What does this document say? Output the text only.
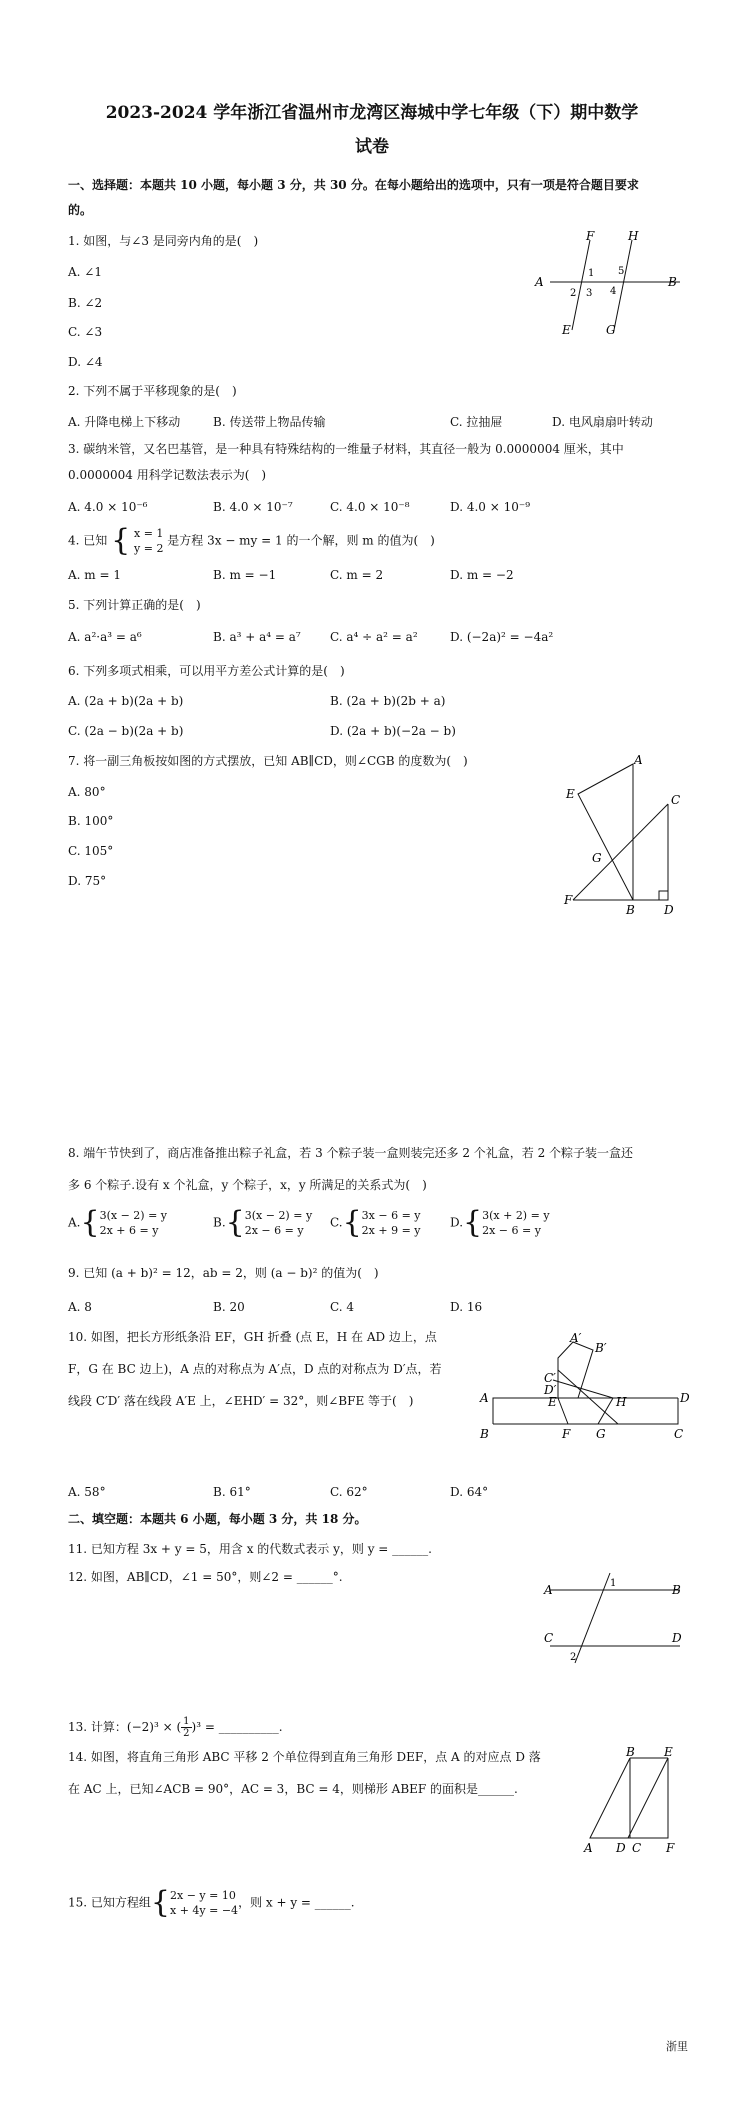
2023-2024 学年浙江省温州市龙湾区海城中学七年级（下）期中数学
试卷
一、选择题：本题共 10 小题，每小题 3 分，共 30 分。在每小题给出的选项中，只有一项是符合题目要求
的。
1. 如图，与∠3 是同旁内角的是(　)
A. ∠1
B. ∠2
C. ∠3
D. ∠4
A	B
F	H
E	G
1
2 3 4
5
2. 下列不属于平移现象的是(　)
A. 升降电梯上下移动	B. 传送带上物品传输	C. 拉抽屉	D. 电风扇扇叶转动
3. 碳纳米管，又名巴基管，是一种具有特殊结构的一维量子材料，其直径一般为 0.0000004 厘米，其中
0.0000004 用科学记数法表示为(　)
A. 4.0 × 10⁻⁶	B. 4.0 × 10⁻⁷	C. 4.0 × 10⁻⁸	D. 4.0 × 10⁻⁹
4. 已知 { x = 1
y = 2 是方程 3x − my = 1 的一个解，则 m 的值为(　)
A. m = 1	B. m = −1	C. m = 2	D. m = −2
5. 下列计算正确的是(　)
A. a²·a³ = a⁶	B. a³ + a⁴ = a⁷ C. a⁴ ÷ a² = a²	D. (−2a)² = −4a²
6. 下列多项式相乘，可以用平方差公式计算的是(　)
A. (2a + b)(2a + b)	B. (2a + b)(2b + a)
C. (2a − b)(2a + b)	D. (2a + b)(−2a − b)
7. 将一副三角板按如图的方式摆放，已知 AB∥CD，则∠CGB 的度数为(　)
A. 80°
B. 100°
C. 105°
D. 75°
A
E	C
G
F
B D
8. 端午节快到了，商店准备推出粽子礼盒，若 3 个粽子装一盒则装完还多 2 个礼盒，若 2 个粽子装一盒还
多 6 个粽子.设有 x 个礼盒，y 个粽子，x，y 所满足的关系式为(　)
A.{3(x − 2) = y
2x + 6 = y
B.{3(x − 2) = y
2x − 6 = y
C.{3x − 6 = y
2x + 9 = y
D.{3(x + 2) = y
2x − 6 = y
9. 已知 (a + b)² = 12，ab = 2，则 (a − b)² 的值为(　)
A. 8	B. 20	C. 4	D. 16
10. 如图，把长方形纸条沿 EF，GH 折叠 (点 E，H 在 AD 边上，点
F，G 在 BC 边上)，A 点的对称点为 A′点，D 点的对称点为 D′点，若
线段 C′D′ 落在线段 A′E 上，∠EHD′ = 32°，则∠BFE 等于(　)	A
B
D
C
E
F G
H
A′
B′
C′
D′
A. 58°	B. 61°	C. 62°	D. 64°
二、填空题：本题共 6 小题，每小题 3 分，共 18 分。
11. 已知方程 3x + y = 5，用含 x 的代数式表示 y，则 y = ______.
12. 如图，AB∥CD，∠1 = 50°，则∠2 = ______°.
A	B
C	D
1
2
13. 计算：$(-2)^3 \times (\frac{1}{2})^3$ = __________.
14. 如图，将直角三角形 ABC 平移 2 个单位得到直角三角形 DEF，点 A 的对应点 D 落
在 AC 上，已知∠ACB = 90°，AC = 3，BC = 4，则梯形 ABEF 的面积是______.
B E
A D C F
15. 已知方程组{2x − y = 10
x + 4y = −4，则 x + y = ______.
浙里
